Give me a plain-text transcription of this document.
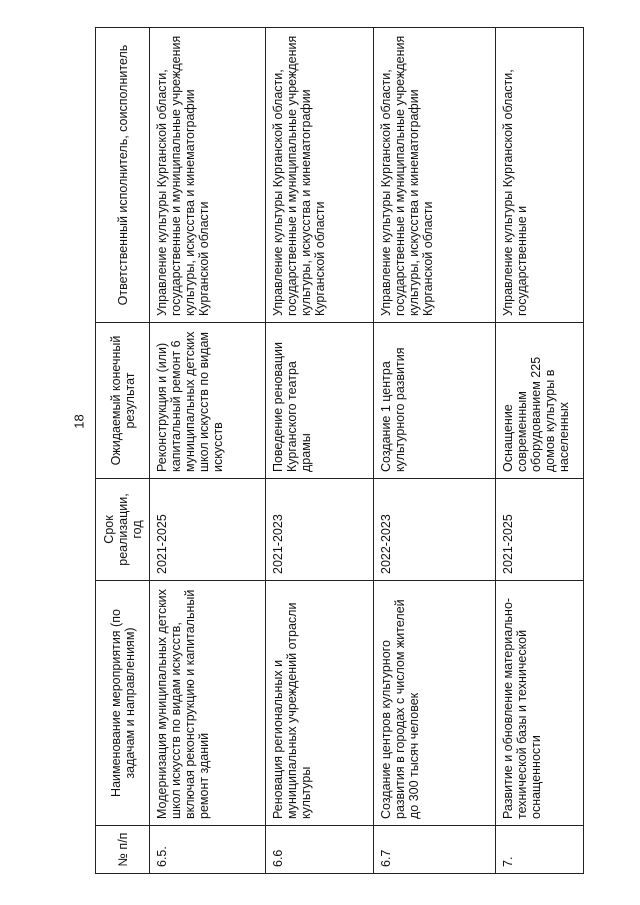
18
№ п/п	Наименование мероприятия (по задачам и направлениям)	Срок реализации, год	Ожидаемый конечный результат	Ответственный исполнитель, соисполнитель
6.5.	Модернизация муниципальных детских школ искусств по видам искусств, включая реконструкцию и капитальный ремонт зданий	2021-2025	Реконструкция и (или) капитальный ремонт 6 муниципальных детских школ искусств по видам искусств	Управление культуры Курганской области, государственные и муниципальные учреждения культуры, искусства и кинематографии Курганской области
6.6	Реновация региональных и муниципальных учреждений отрасли культуры	2021-2023	Поведение реновации Курганского театра драмы	Управление культуры Курганской области, государственные и муниципальные учреждения культуры, искусства и кинематографии Курганской области
6.7	Создание центров культурного развития в городах с числом жителей до 300 тысяч человек	2022-2023	Создание 1 центра культурного развития	Управление культуры Курганской области, государственные и муниципальные учреждения культуры, искусства и кинематографии Курганской области
7.	Развитие и обновление материально-технической базы и технической оснащенности	2021-2025	Оснащение современным оборудованием 225 домов культуры в населенных	Управление культуры Курганской области, государственные и
